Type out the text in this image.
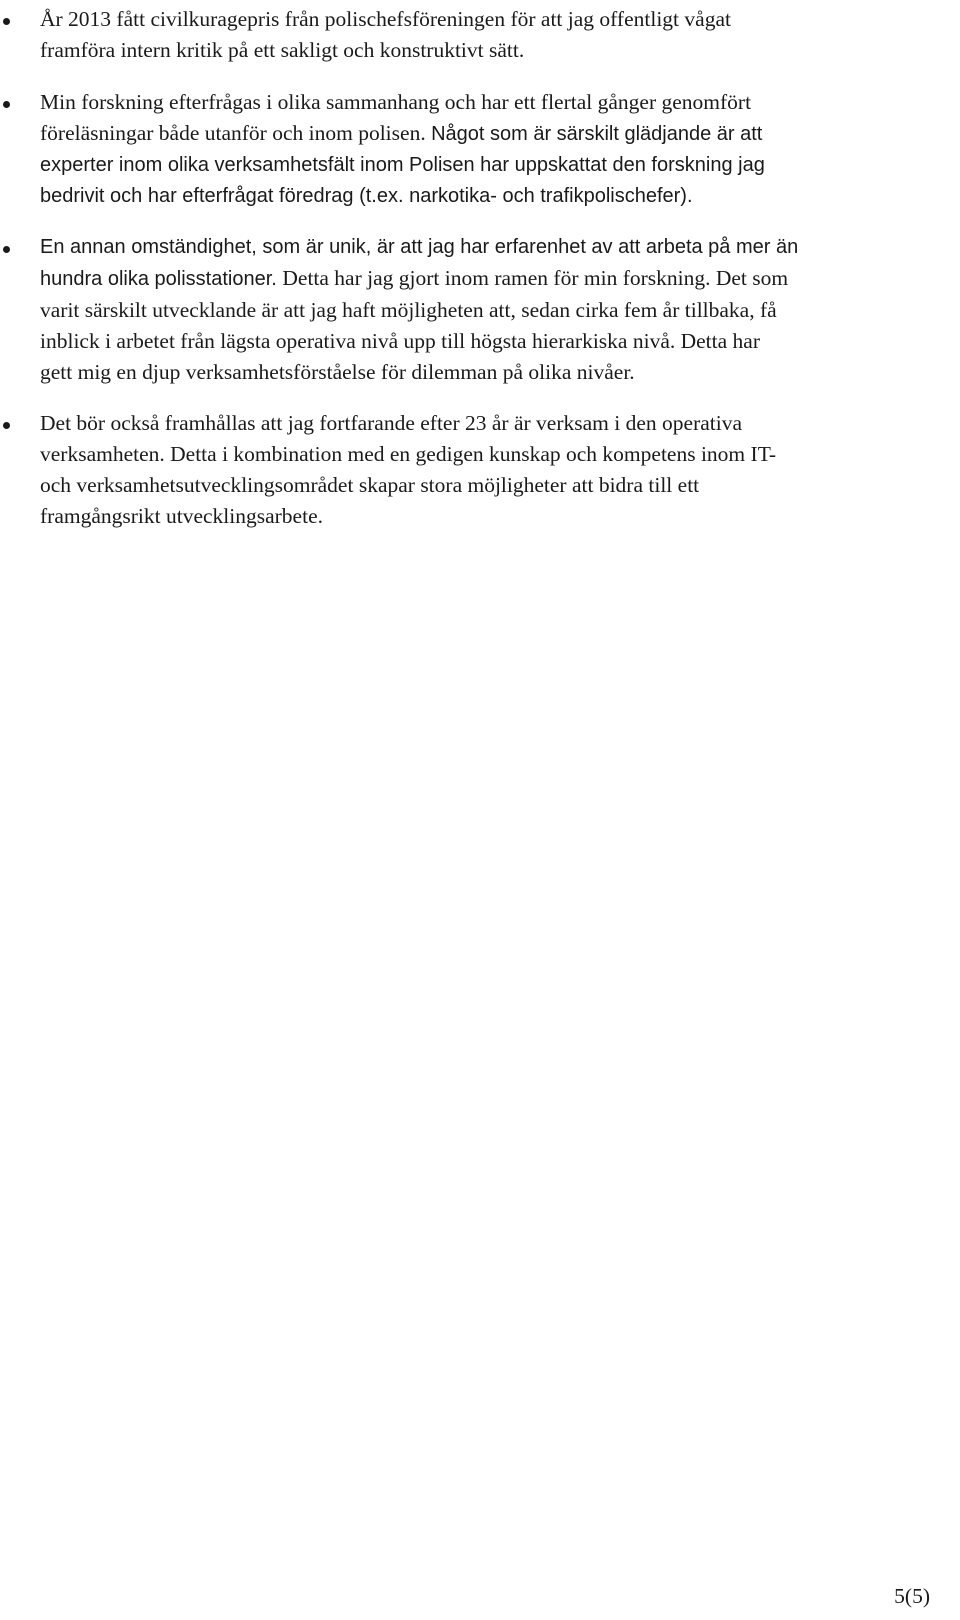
År 2013 fått civilkuragepris från polischefsföreningen för att jag offentligt vågat
framföra intern kritik på ett sakligt och konstruktivt sätt.
Min forskning efterfrågas i olika sammanhang och har ett flertal gånger genomfört
föreläsningar både utanför och inom polisen. Något som är särskilt glädjande är att
experter inom olika verksamhetsfält inom Polisen har uppskattat den forskning jag
bedrivit och har efterfrågat föredrag (t.ex. narkotika- och trafikpolischefer).
En annan omständighet, som är unik, är att jag har erfarenhet av att arbeta på mer än
hundra olika polisstationer. Detta har jag gjort inom ramen för min forskning. Det som
varit särskilt utvecklande är att jag haft möjligheten att, sedan cirka fem år tillbaka, få
inblick i arbetet från lägsta operativa nivå upp till högsta hierarkiska nivå. Detta har
gett mig en djup verksamhetsförståelse för dilemman på olika nivåer.
Det bör också framhållas att jag fortfarande efter 23 år är verksam i den operativa
verksamheten. Detta i kombination med en gedigen kunskap och kompetens inom IT-
och verksamhetsutvecklingsområdet skapar stora möjligheter att bidra till ett
framgångsrikt utvecklingsarbete.
5(5)
